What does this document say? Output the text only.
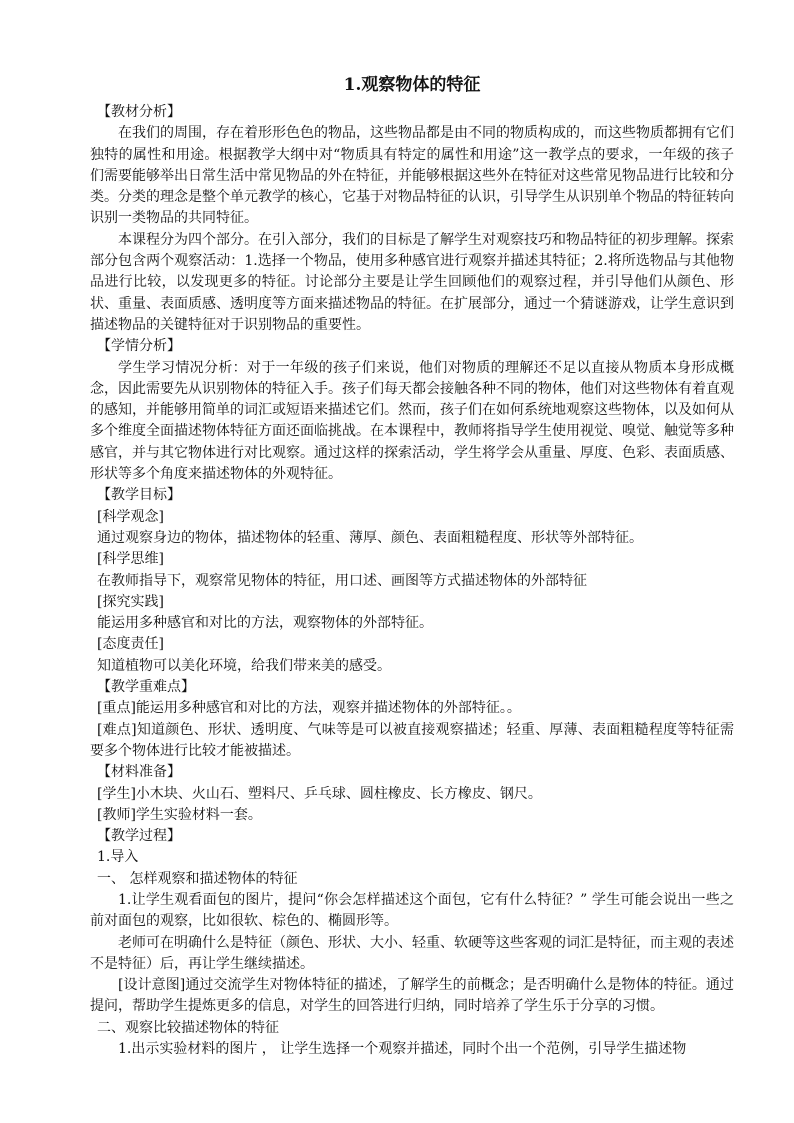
1.观察物体的特征

【教材分析】

在我们的周围，存在着形形色色的物品，这些物品都是由不同的物质构成的，而这些物质都拥有它们独特的属性和用途。根据教学大纲中对“物质具有特定的属性和用途”这一教学点的要求，一年级的孩子们需要能够举出日常生活中常见物品的外在特征，并能够根据这些外在特征对这些常见物品进行比较和分类。分类的理念是整个单元教学的核心，它基于对物品特征的认识，引导学生从识别单个物品的特征转向识别一类物品的共同特征。

本课程分为四个部分。在引入部分，我们的目标是了解学生对观察技巧和物品特征的初步理解。探索部分包含两个观察活动：1.选择一个物品，使用多种感官进行观察并描述其特征；2.将所选物品与其他物品进行比较，以发现更多的特征。讨论部分主要是让学生回顾他们的观察过程，并引导他们从颜色、形状、重量、表面质感、透明度等方面来描述物品的特征。在扩展部分，通过一个猜谜游戏，让学生意识到描述物品的关键特征对于识别物品的重要性。

【学情分析】

学生学习情况分析：对于一年级的孩子们来说，他们对物质的理解还不足以直接从物质本身形成概念，因此需要先从识别物体的特征入手。孩子们每天都会接触各种不同的物体，他们对这些物体有着直观的感知，并能够用简单的词汇或短语来描述它们。然而，孩子们在如何系统地观察这些物体，以及如何从多个维度全面描述物体特征方面还面临挑战。在本课程中，教师将指导学生使用视觉、嗅觉、触觉等多种感官，并与其它物体进行对比观察。通过这样的探索活动，学生将学会从重量、厚度、色彩、表面质感、形状等多个角度来描述物体的外观特征。

【教学目标】

[科学观念]

通过观察身边的物体，描述物体的轻重、薄厚、颜色、表面粗糙程度、形状等外部特征。

[科学思维]

在教师指导下，观察常见物体的特征，用口述、画图等方式描述物体的外部特征

[探究实践]

能运用多种感官和对比的方法，观察物体的外部特征。

[态度责任]

知道植物可以美化环境，给我们带来美的感受。

【教学重难点】

[重点]能运用多种感官和对比的方法，观察并描述物体的外部特征。。

[难点]知道颜色、形状、透明度、气味等是可以被直接观察描述；轻重、厚薄、表面粗糙程度等特征需要多个物体进行比较才能被描述。

【材料准备】

[学生]小木块、火山石、塑料尺、乒乓球、圆柱橡皮、长方橡皮、钢尺。

[教师]学生实验材料一套。

【教学过程】

1.导入

一、 怎样观察和描述物体的特征

1.让学生观看面包的图片，提问“你会怎样描述这个面包，它有什么特征？” 学生可能会说出一些之前对面包的观察，比如很软、棕色的、椭圆形等。

老师可在明确什么是特征（颜色、形状、大小、轻重、软硬等这些客观的词汇是特征，而主观的表述不是特征）后，再让学生继续描述。

[设计意图]通过交流学生对物体特征的描述，了解学生的前概念；是否明确什么是物体的特征。通过提问，帮助学生提炼更多的信息，对学生的回答进行归纳，同时培养了学生乐于分享的习惯。

二、观察比较描述物体的特征

1.出示实验材料的图片 ， 让学生选择一个观察并描述，同时个出一个范例，引导学生描述物
